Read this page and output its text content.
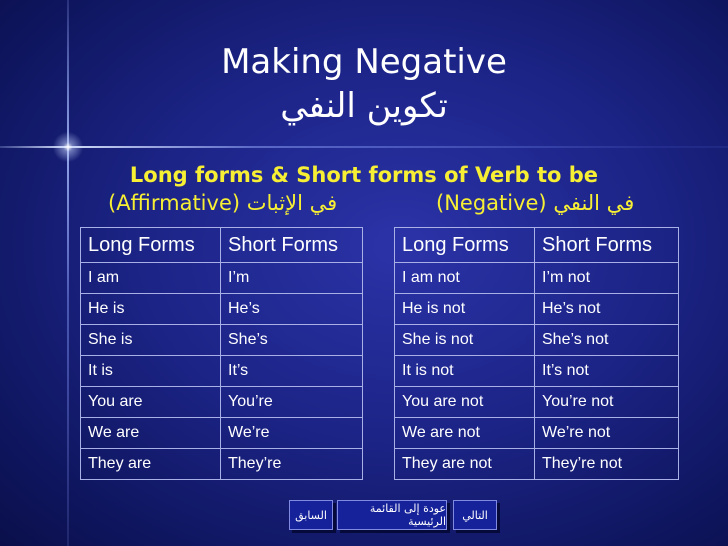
Making Negative
تكوين النفي
Long forms & Short forms of Verb to be
(Affirmative) في الإثبات	(Negative) في النفي
Long Forms	Short Forms
I am	I’m
He is	He’s
She is	She’s
It is	It’s
You are	You’re
We are	We’re
They are	They’re
Long Forms	Short Forms
I am not	I’m not
He is not	He’s not
She is not	She’s not
It is not	It’s not
You are not	You’re not
We are not	We’re not
They are not	They’re not
السابق	عودة إلى القائمة الرئيسية	التالي
